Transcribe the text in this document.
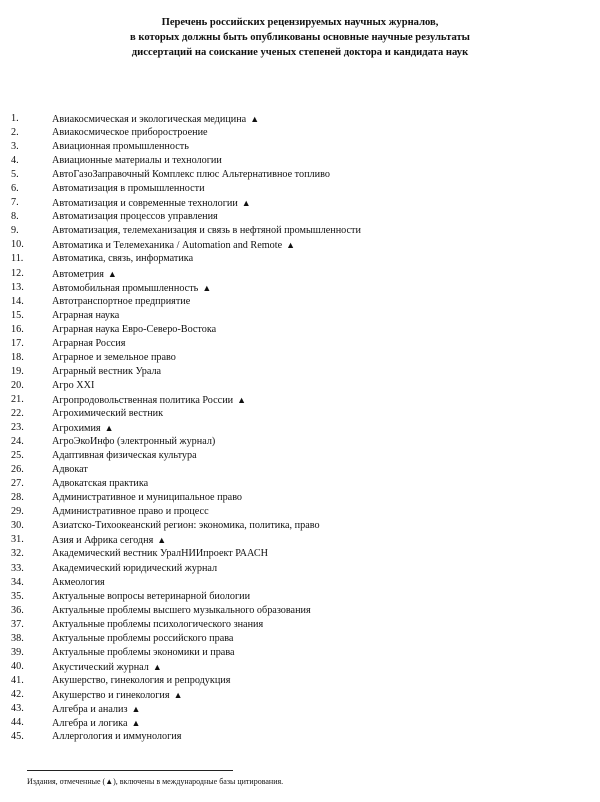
Перечень российских рецензируемых научных журналов,
в которых должны быть опубликованы основные научные результаты
диссертаций на соискание ученых степеней доктора и кандидата наук
1.	Авиакосмическая и экологическая медицина ▲
2.	Авиакосмическое приборостроение
3.	Авиационная промышленность
4.	Авиационные материалы и технологии
5.	АвтоГазоЗаправочный Комплекс плюс Альтернативное топливо
6.	Автоматизация в промышленности
7.	Автоматизация и современные технологии ▲
8.	Автоматизация процессов управления
9.	Автоматизация, телемеханизация и связь в нефтяной промышленности
10.	Автоматика и Телемеханика / Automation and Remote ▲
11.	Автоматика, связь, информатика
12.	Автометрия ▲
13.	Автомобильная промышленность ▲
14.	Автотранспортное предприятие
15.	Аграрная наука
16.	Аграрная наука Евро-Северо-Востока
17.	Аграрная Россия
18.	Аграрное и земельное право
19.	Аграрный вестник Урала
20.	Агро XXI
21.	Агропродовольственная политика России ▲
22.	Агрохимический вестник
23.	Агрохимия ▲
24.	АгроЭкоИнфо (электронный журнал)
25.	Адаптивная физическая культура
26.	Адвокат
27.	Адвокатская практика
28.	Административное и муниципальное право
29.	Административное право и процесс
30.	Азиатско-Тихоокеанский регион: экономика, политика, право
31.	Азия и Африка сегодня ▲
32.	Академический вестник УралНИИпроект РААСН
33.	Академический юридический журнал
34.	Акмеология
35.	Актуальные вопросы ветеринарной биологии
36.	Актуальные проблемы высшего музыкального образования
37.	Актуальные проблемы психологического знания
38.	Актуальные проблемы российского права
39.	Актуальные проблемы экономики и права
40.	Акустический журнал ▲
41.	Акушерство, гинекология и репродукция
42.	Акушерство и гинекология ▲
43.	Алгебра и анализ ▲
44.	Алгебра и логика ▲
45.	Аллергология и иммунология
Издания, отмеченные (▲), включены в международные базы цитирования.
